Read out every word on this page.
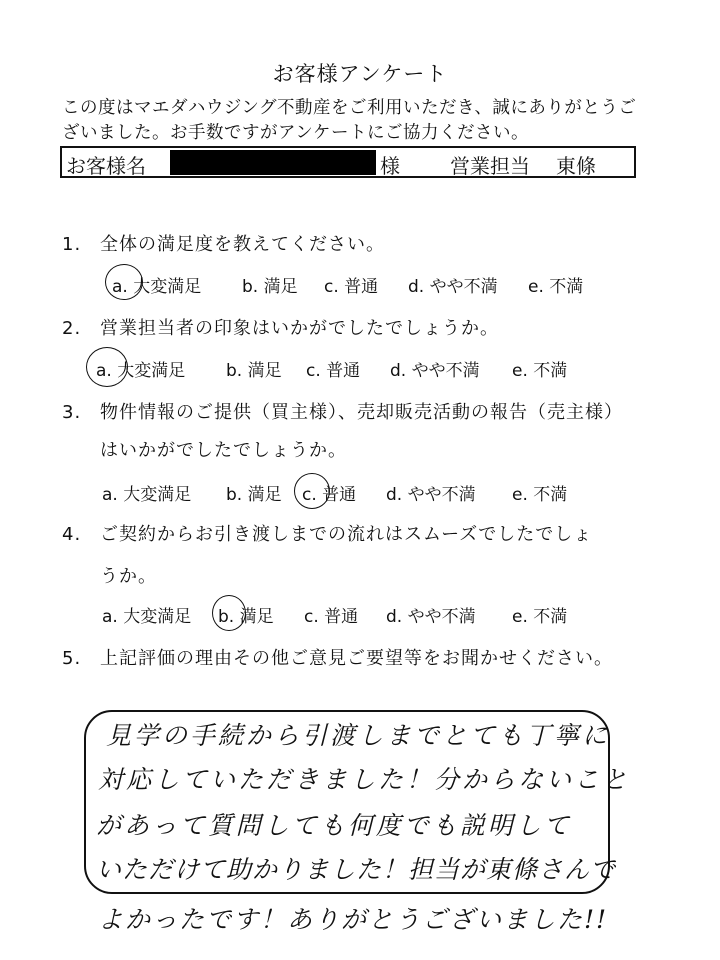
お客様アンケート
この度はマエダハウジング不動産をご利用いただき、誠にありがとうご
ざいました。お手数ですがアンケートにご協力ください。
お客様名	様	営業担当 東條
1. 全体の満足度を教えてください。
a. 大変満足 b. 満足 c. 普通 d. やや不満 e. 不満
2. 営業担当者の印象はいかがでしたでしょうか。
a. 大変満足 b. 満足 c. 普通 d. やや不満 e. 不満
3. 物件情報のご提供（買主様）、売却販売活動の報告（売主様）
はいかがでしたでしょうか。
a. 大変満足 b. 満足 c. 普通 d. やや不満 e. 不満
4. ご契約からお引き渡しまでの流れはスムーズでしたでしょ
うか。
a. 大変満足 b. 満足 c. 普通 d. やや不満 e. 不満
5. 上記評価の理由その他ご意見ご要望等をお聞かせください。
見学の手続から引渡しまでとても丁寧に
対応していただきました！分からないこと
があって質問しても何度でも説明して
いただけて助かりました！担当が東條さんで
よかったです！ありがとうございました!!
